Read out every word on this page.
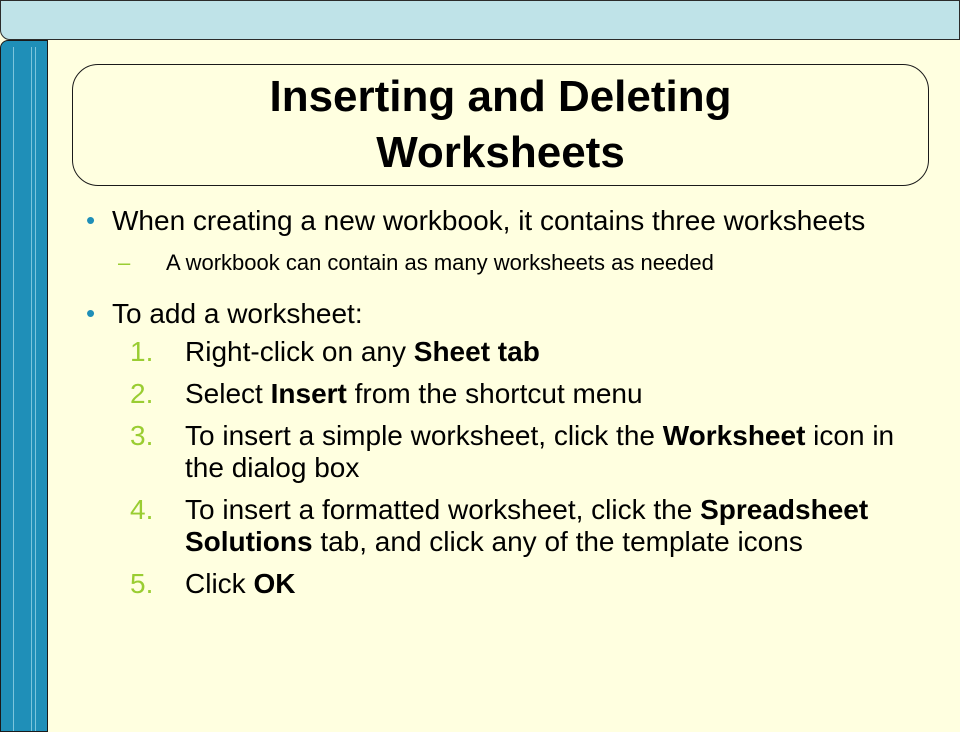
Inserting and Deleting Worksheets
• When creating a new workbook, it contains three worksheets
– A workbook can contain as many worksheets as needed
• To add a worksheet:
1. Right-click on any Sheet tab
2. Select Insert from the shortcut menu
3. To insert a simple worksheet, click the Worksheet icon in the dialog box
4. To insert a formatted worksheet, click the Spreadsheet Solutions tab, and click any of the template icons
5. Click OK
